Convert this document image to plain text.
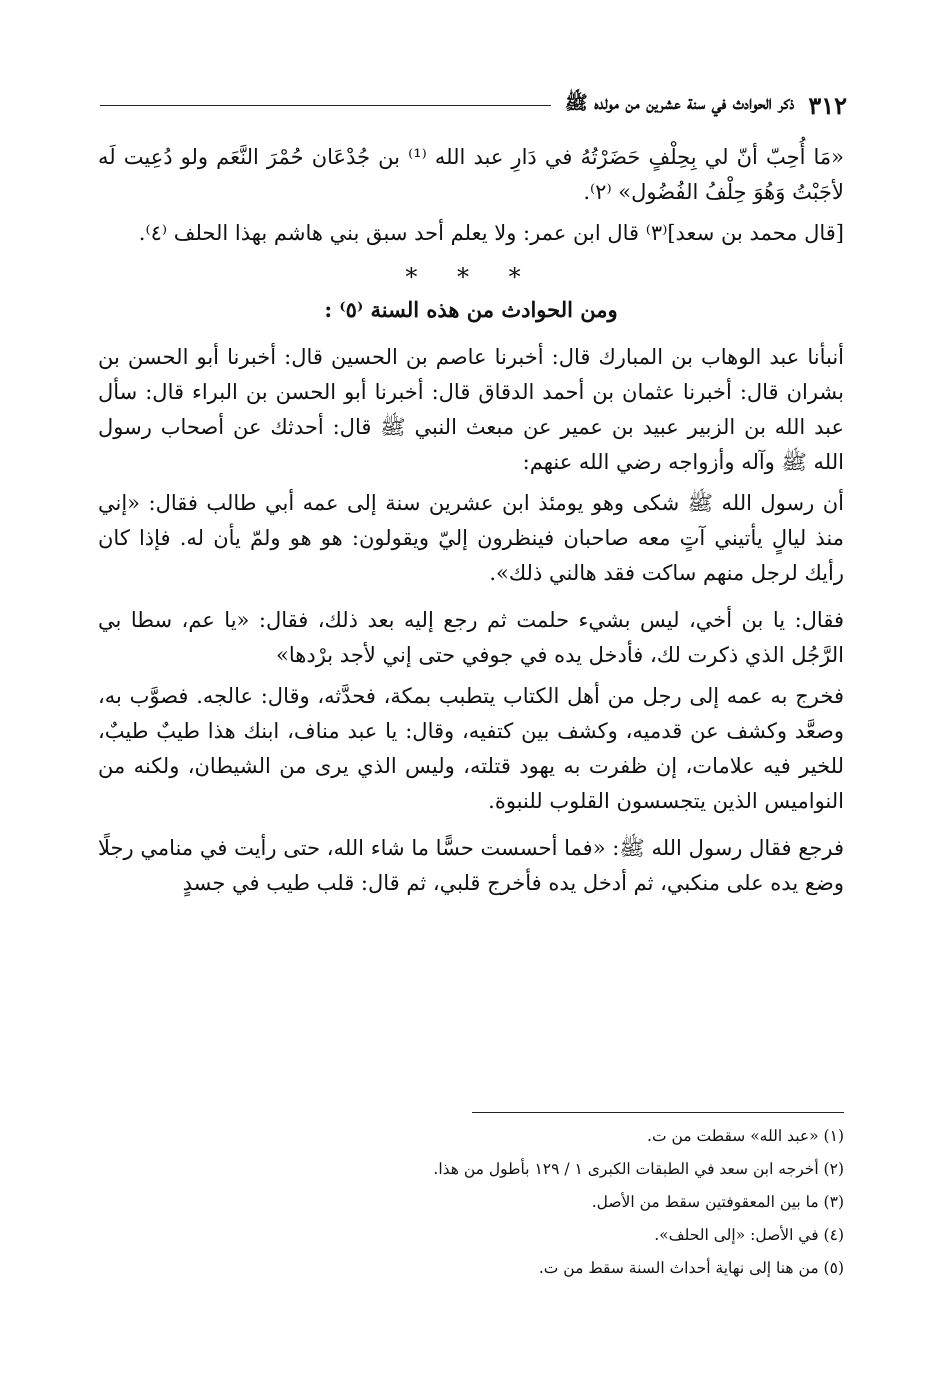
٣١٢
ذكر الحوادث في سنة عشرين من مولده ﷺ

«مَا أُحِبّ أنّ لي بِحِلْفٍ حَضَرْتُهُ في دَارِ عبد الله ⁽¹⁾ بن جُدْعَان حُمْرَ النَّعَم ولو دُعِيت لَه لأجَبْتُ وَهُوَ حِلْفُ الفُضُول» ⁽٢⁾.

[قال محمد بن سعد]⁽٣⁾ قال ابن عمر: ولا يعلم أحد سبق بني هاشم بهذا الحلف ⁽٤⁾.

* * *
ومن الحوادث من هذه السنة ⁽٥⁾ :

أنبأنا عبد الوهاب بن المبارك قال: أخبرنا عاصم بن الحسين قال: أخبرنا أبو الحسن بن بشران قال: أخبرنا عثمان بن أحمد الدقاق قال: أخبرنا أبو الحسن بن البراء قال: سأل عبد الله بن الزبير عبيد بن عمير عن مبعث النبي ﷺ قال: أحدثك عن أصحاب رسول الله ﷺ وآله وأزواجه رضي الله عنهم:

أن رسول الله ﷺ شكى وهو يومئذ ابن عشرين سنة إلى عمه أبي طالب فقال: «إني منذ ليالٍ يأتيني آتٍ معه صاحبان فينظرون إليّ ويقولون: هو هو ولمّ يأن له. فإذا كان رأيك لرجل منهم ساكت فقد هالني ذلك».

فقال: يا بن أخي، ليس بشيء حلمت ثم رجع إليه بعد ذلك، فقال: «يا عم، سطا بي الرَّجُل الذي ذكرت لك، فأدخل يده في جوفي حتى إني لأجد برْدها»

فخرج به عمه إلى رجل من أهل الكتاب يتطبب بمكة، فحدَّثه، وقال: عالجه. فصوَّب به، وصعَّد وكشف عن قدميه، وكشف بين كتفيه، وقال: يا عبد مناف، ابنك هذا طيبٌ طيبٌ، للخير فيه علامات، إن ظفرت به يهود قتلته، وليس الذي يرى من الشيطان، ولكنه من النواميس الذين يتجسسون القلوب للنبوة.

فرجع فقال رسول الله ﷺ: «فما أحسست حسًّا ما شاء الله، حتى رأيت في منامي رجلًا وضع يده على منكبي، ثم أدخل يده فأخرج قلبي، ثم قال: قلب طيب في جسدٍ

(١) «عبد الله» سقطت من ت.
(٢) أخرجه ابن سعد في الطبقات الكبرى ١ / ١٢٩ بأطول من هذا.
(٣) ما بين المعقوفتين سقط من الأصل.
(٤) في الأصل: «إلى الحلف».
(٥) من هنا إلى نهاية أحداث السنة سقط من ت.
